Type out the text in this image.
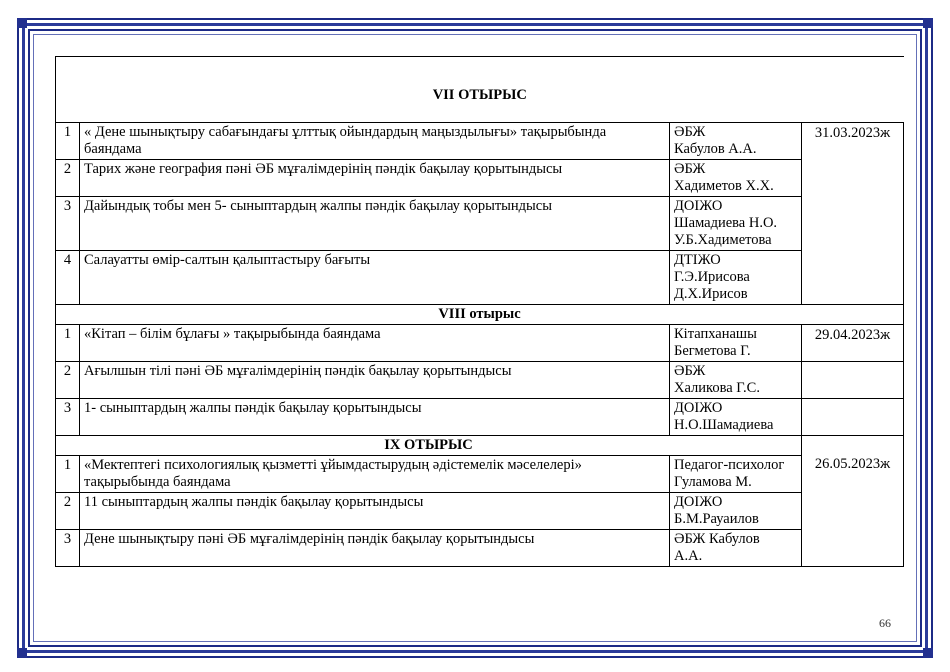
VII ОТЫРЫС			
1	« Дене шынықтыру сабағындағы ұлттық ойындардың маңыздылығы» тақырыбында баяндама	ӘБЖ
Кабулов А.А.	31.03.2023ж
2	Тарих және география пәні ӘБ мұғалімдерінің пәндік бақылау қорытындысы	ӘБЖ
Хадиметов Х.Х.	

3	Дайындық тобы мен 5- сыныптардың жалпы пәндік бақылау қорытындысы	ДОІЖО
Шамадиева Н.О.
У.Б.Хадиметова	

4	Салауатты өмір-салтын қалыптастыру бағыты	ДТІЖО
Г.Э.Ирисова
Д.Х.Ирисов	

VIII отырыс			
1	«Кітап – білім бұлағы » тақырыбында баяндама	Кітапханашы
Бегметова Г.	29.04.2023ж
2	Ағылшын тілі пәні ӘБ мұғалімдерінің пәндік бақылау қорытындысы	ӘБЖ
Халикова Г.С.	

3	1- сыныптардың жалпы пәндік бақылау қорытындысы	ДОІЖО
Н.О.Шамадиева	

IX ОТЫРЫС			26.05.2023ж
1	«Мектептегі психологиялық қызметті ұйымдастырудың әдістемелік мәселелері» тақырыбында баяндама	Педагог-психолог
Гуламова М.	

2	11 сыныптардың жалпы пәндік бақылау қорытындысы	ДОІЖО
Б.М.Рауаилов	

3	Дене шынықтыру пәні ӘБ мұғалімдерінің пәндік бақылау қорытындысы	ӘБЖ Кабулов
А.А.	
66
